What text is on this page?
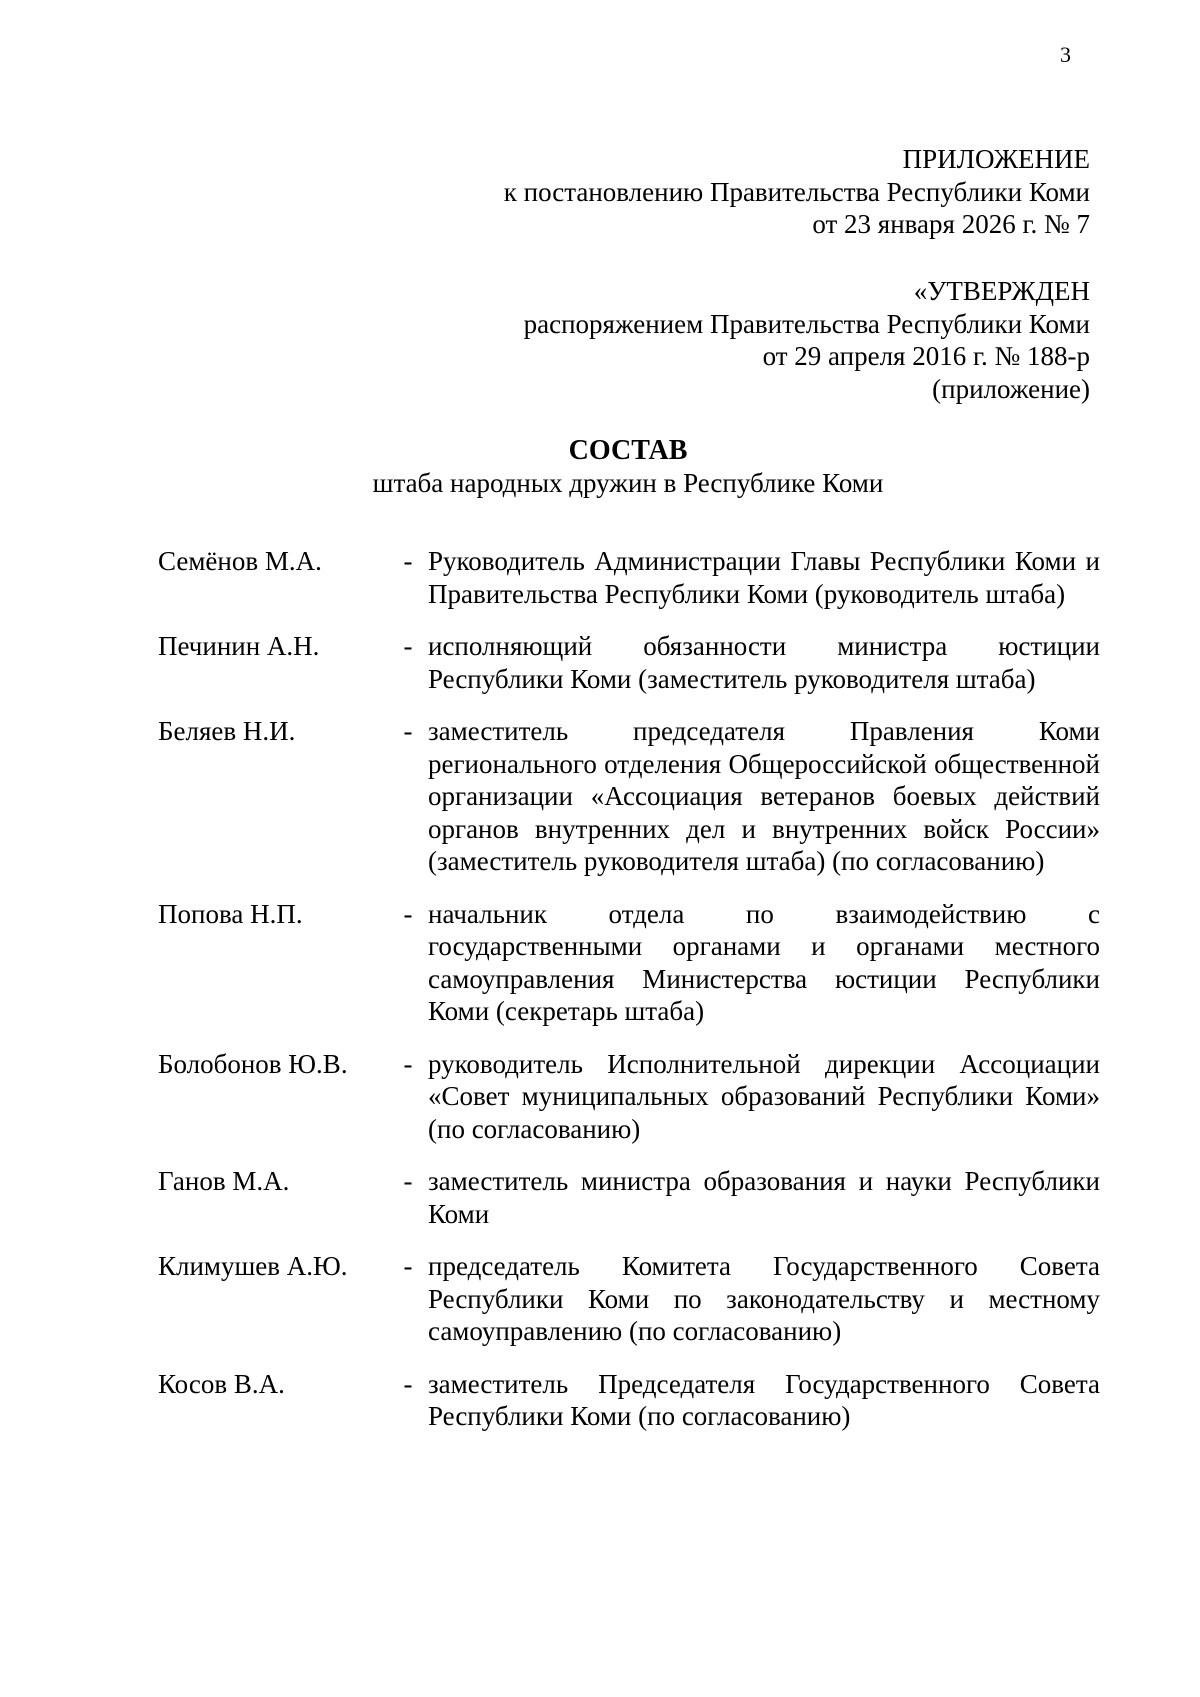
3
ПРИЛОЖЕНИЕ
к постановлению Правительства Республики Коми
от 23 января 2026 г. № 7
«УТВЕРЖДЕН
распоряжением Правительства Республики Коми
от 29 апреля 2016 г. № 188-р
(приложение)
СОСТАВ
штаба народных дружин в Республике Коми
Семёнов М.А.	- Руководитель Администрации Главы Республики Коми и Правительства Республики Коми (руководитель штаба)
Печинин А.Н.	- исполняющий обязанности министра юстиции Республики Коми (заместитель руководителя штаба)
Беляев Н.И.	- заместитель председателя Правления Коми регионального отделения Общероссийской общественной организации «Ассоциация ветеранов боевых действий органов внутренних дел и внутренних войск России» (заместитель руководителя штаба) (по согласованию)
Попова Н.П.	- начальник отдела по взаимодействию с государственными органами и органами местного самоуправления Министерства юстиции Республики Коми (секретарь штаба)
Болобонов Ю.В.	- руководитель Исполнительной дирекции Ассоциации «Совет муниципальных образований Республики Коми» (по согласованию)
Ганов М.А.	- заместитель министра образования и науки Республики Коми
Климушев А.Ю.	- председатель Комитета Государственного Совета Республики Коми по законодательству и местному самоуправлению (по согласованию)
Косов В.А.	- заместитель Председателя Государственного Совета Республики Коми (по согласованию)
